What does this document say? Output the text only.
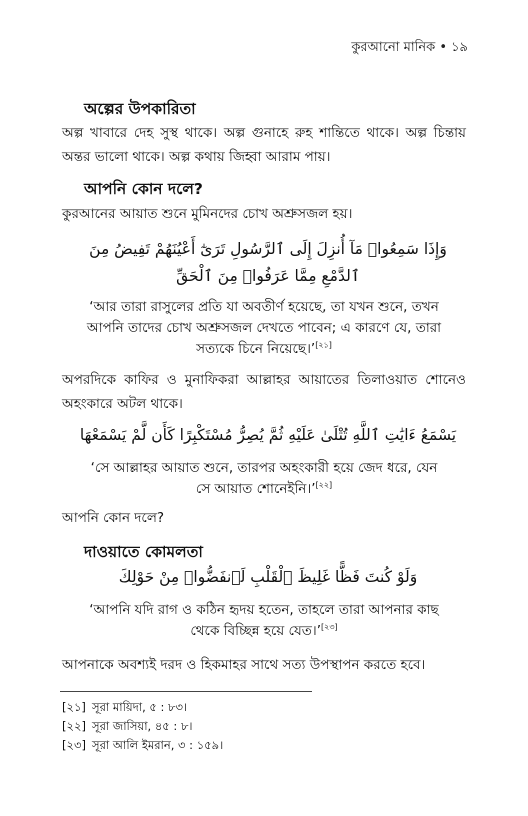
কুরআনো মানিক • ১৯
অল্পের উপকারিতা
অল্প খাবারে দেহ সুস্থ থাকে। অল্প গুনাহে রুহ শান্তিতে থাকে। অল্প চিন্তায় অন্তর ভালো থাকে। অল্প কথায় জিহ্বা আরাম পায়।
আপনি কোন দলে?
কুরআনের আয়াত শুনে মুমিনদের চোখ অশ্রুসজল হয়।
وَإِذَا سَمِعُوا۟ مَآ أُنزِلَ إِلَى ٱلرَّسُولِ تَرَىٰٓ أَعْيُنَهُمْ تَفِيضُ مِنَ ٱلدَّمْعِ مِمَّا عَرَفُوا۟ مِنَ ٱلْحَقِّ
‘আর তারা রাসুলের প্রতি যা অবতীর্ণ হয়েছে, তা যখন শুনে, তখন আপনি তাদের চোখ অশ্রুসজল দেখতে পাবেন; এ কারণে যে, তারা সত্যকে চিনে নিয়েছে।’[২১]
অপরদিকে কাফির ও মুনাফিকরা আল্লাহর আয়াতের তিলাওয়াত শোনেও অহংকারে অটল থাকে।
يَسْمَعُ ءَايَٰتِ ٱللَّهِ تُتْلَىٰ عَلَيْهِ ثُمَّ يُصِرُّ مُسْتَكْبِرًا كَأَن لَّمْ يَسْمَعْهَا
‘সে আল্লাহর আয়াত শুনে, তারপর অহংকারী হয়ে জেদ ধরে, যেন সে আয়াত শোনেইনি।’[২২]
আপনি কোন দলে?
দাওয়াতে কোমলতা
وَلَوْ كُنتَ فَظًّا غَلِيظَ ٱلْقَلْبِ لَٱنفَضُّوا۟ مِنْ حَوْلِكَ
‘আপনি যদি রাগ ও কঠিন হৃদয় হতেন, তাহলে তারা আপনার কাছ থেকে বিচ্ছিন্ন হয়ে যেত।’[২৩]
আপনাকে অবশ্যই দরদ ও হিকমাহর সাথে সত্য উপস্থাপন করতে হবে।
[২১] সূরা মায়িদা, ৫ : ৮৩।
[২২] সূরা জাসিয়া, ৪৫ : ৮।
[২৩] সূরা আলি ইমরান, ৩ : ১৫৯।
